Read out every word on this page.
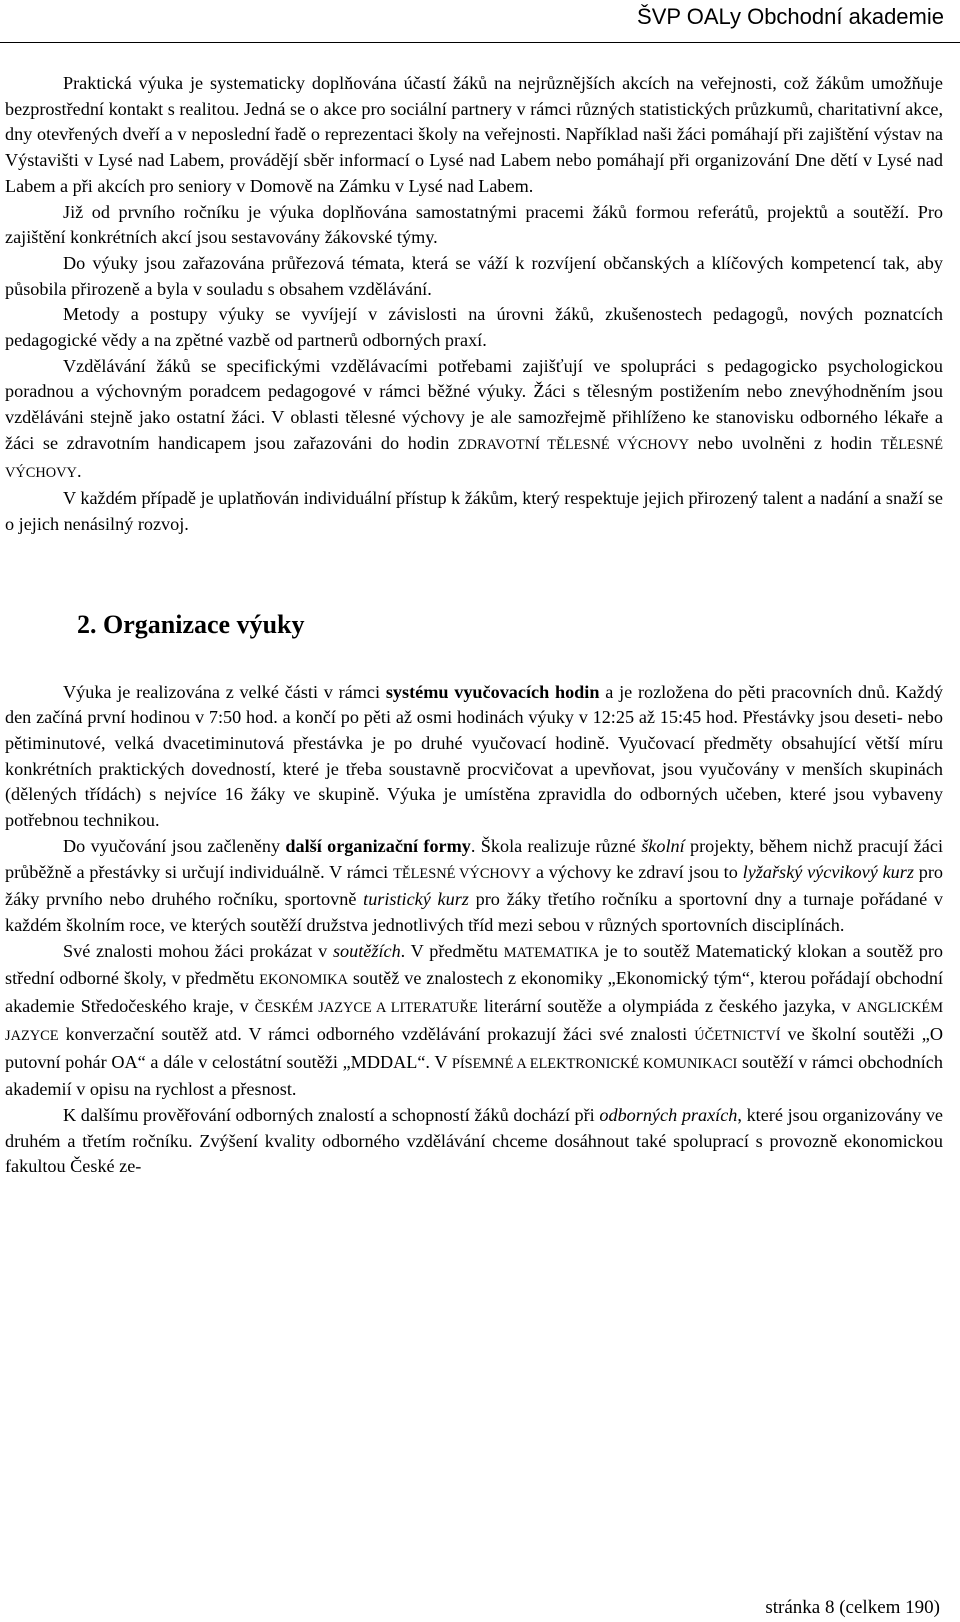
ŠVP OALy Obchodní akademie

Praktická výuka je systematicky doplňována účastí žáků na nejrůznějších akcích na veřejnosti, což žákům umožňuje bezprostřední kontakt s realitou. Jedná se o akce pro sociální partnery v rámci různých statistických průzkumů, charitativní akce, dny otevřených dveří a v neposlední řadě o reprezentaci školy na veřejnosti. Například naši žáci pomáhají při zajištění výstav na Výstavišti v Lysé nad Labem, provádějí sběr informací o Lysé nad Labem nebo pomáhají při organizování Dne dětí v Lysé nad Labem a při akcích pro seniory v Domově na Zámku v Lysé nad Labem.

Již od prvního ročníku je výuka doplňována samostatnými pracemi žáků formou referátů, projektů a soutěží. Pro zajištění konkrétních akcí jsou sestavovány žákovské týmy.

Do výuky jsou zařazována průřezová témata, která se váží k rozvíjení občanských a klíčových kompetencí tak, aby působila přirozeně a byla v souladu s obsahem vzdělávání.

Metody a postupy výuky se vyvíjejí v závislosti na úrovni žáků, zkušenostech pedagogů, nových poznatcích pedagogické vědy a na zpětné vazbě od partnerů odborných praxí.

Vzdělávání žáků se specifickými vzdělávacími potřebami zajišťují ve spolupráci s pedagogicko psychologickou poradnou a výchovným poradcem pedagogové v rámci běžné výuky. Žáci s tělesným postižením nebo znevýhodněním jsou vzděláváni stejně jako ostatní žáci. V oblasti tělesné výchovy je ale samozřejmě přihlíženo ke stanovisku odborného lékaře a žáci se zdravotním handicapem jsou zařazováni do hodin ZDRAVOTNÍ TĚLESNÉ VÝCHOVY nebo uvolněni z hodin TĚLESNÉ VÝCHOVY.

V každém případě je uplatňován individuální přístup k žákům, který respektuje jejich přirozený talent a nadání a snaží se o jejich nenásilný rozvoj.

2. Organizace výuky

Výuka je realizována z velké části v rámci systému vyučovacích hodin a je rozložena do pěti pracovních dnů. Každý den začíná první hodinou v 7:50 hod. a končí po pěti až osmi hodinách výuky v 12:25 až 15:45 hod. Přestávky jsou deseti- nebo pětiminutové, velká dvacetiminutová přestávka je po druhé vyučovací hodině. Vyučovací předměty obsahující větší míru konkrétních praktických dovedností, které je třeba soustavně procvičovat a upevňovat, jsou vyučovány v menších skupinách (dělených třídách) s nejvíce 16 žáky ve skupině. Výuka je umístěna zpravidla do odborných učeben, které jsou vybaveny potřebnou technikou.

Do vyučování jsou začleněny další organizační formy. Škola realizuje různé školní projekty, během nichž pracují žáci průběžně a přestávky si určují individuálně. V rámci TĚLESNÉ VÝCHOVY a výchovy ke zdraví jsou to lyžařský výcvikový kurz pro žáky prvního nebo druhého ročníku, sportovně turistický kurz pro žáky třetího ročníku a sportovní dny a turnaje pořádané v každém školním roce, ve kterých soutěží družstva jednotlivých tříd mezi sebou v různých sportovních disciplínách.

Své znalosti mohou žáci prokázat v soutěžích. V předmětu MATEMATIKA je to soutěž Matematický klokan a soutěž pro střední odborné školy, v předmětu EKONOMIKA soutěž ve znalostech z ekonomiky „Ekonomický tým“, kterou pořádají obchodní akademie Středočeského kraje, v ČESKÉM JAZYCE A LITERATUŘE literární soutěže a olympiáda z českého jazyka, v ANGLICKÉM JAZYCE konverzační soutěž atd. V rámci odborného vzdělávání prokazují žáci své znalosti ÚČETNICTVÍ ve školní soutěži „O putovní pohár OA“ a dále v celostátní soutěži „MDDAL“. V PÍSEMNÉ A ELEKTRONICKÉ KOMUNIKACI soutěží v rámci obchodních akademií v opisu na rychlost a přesnost.

K dalšímu prověřování odborných znalostí a schopností žáků dochází při odborných praxích, které jsou organizovány ve druhém a třetím ročníku. Zvýšení kvality odborného vzdělávání chceme dosáhnout také spoluprací s provozně ekonomickou fakultou České ze-

stránka 8 (celkem 190)
